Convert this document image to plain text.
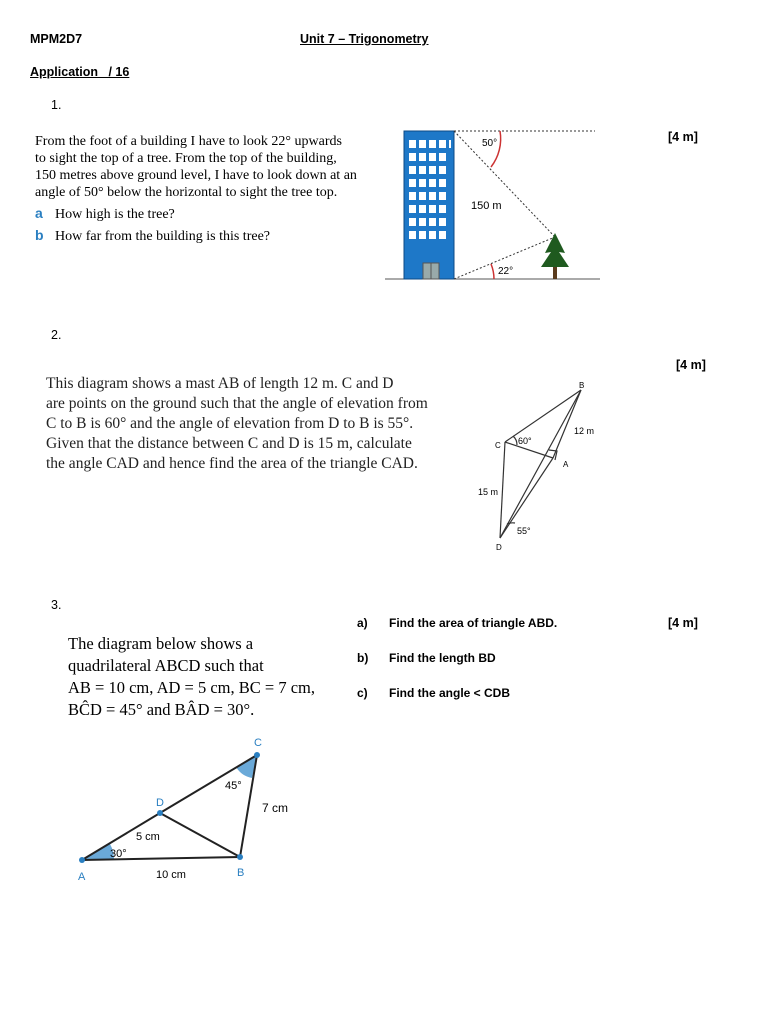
MPM2D7	Unit 7 – Trigonometry
Application   / 16
1.
[4 m]

From the foot of a building I have to look 22° upwards

to sight the top of a tree. From the top of the building,

150 metres above ground level, I have to look down at an

angle of 50° below the horizontal to sight the tree top.

a How high is the tree?

b How far from the building is this tree?

50°
150 m
22°
2.
[4 m]

This diagram shows a mast AB of length 12 m. C and D

are points on the ground such that the angle of elevation from

C to B is 60° and the angle of elevation from D to B is 55°.

Given that the distance between C and D is 15 m, calculate

the angle CAD and hence find the area of the triangle CAD.

B
C
A
D
12 m
15 m
60°
55°
3.

The diagram below shows a

quadrilateral ABCD such that

AB = 10 cm, AD = 5 cm, BC = 7 cm,

BĈD = 45° and BÂD = 30°.

a) Find the area of triangle ABD.	[4 m]
b) Find the length BD
c) Find the angle < CDB
A	B
C
D
10 cm
5 cm
7 cm
30°
45°
